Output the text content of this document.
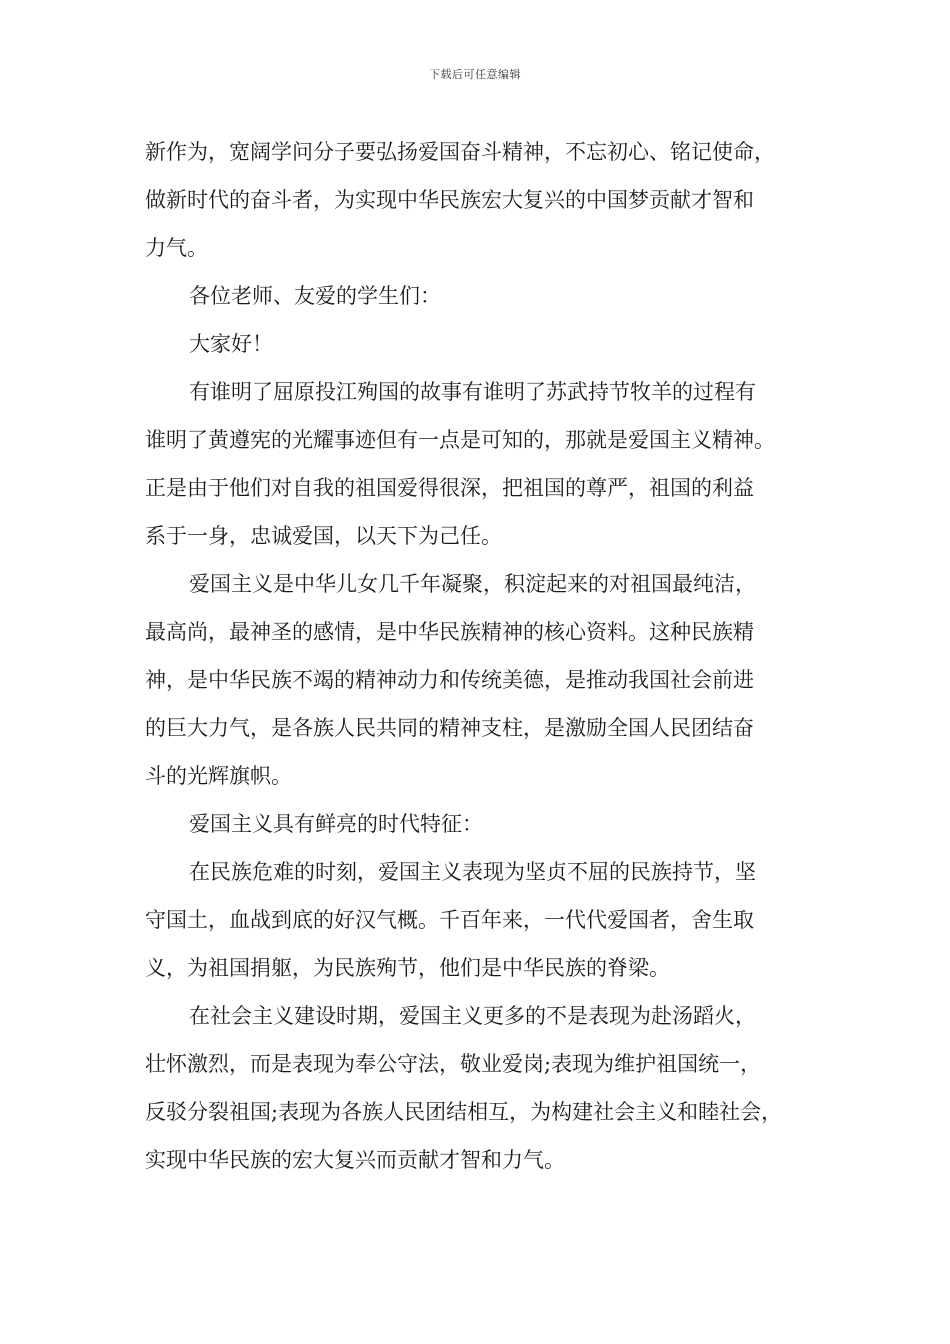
下载后可任意编辑
新作为，宽阔学问分子要弘扬爱国奋斗精神，不忘初心、铭记使命，
做新时代的奋斗者，为实现中华民族宏大复兴的中国梦贡献才智和
力气。
各位老师、友爱的学生们：
大家好！
有谁明了屈原投江殉国的故事有谁明了苏武持节牧羊的过程有
谁明了黄遵宪的光耀事迹但有一点是可知的，那就是爱国主义精神。
正是由于他们对自我的祖国爱得很深，把祖国的尊严，祖国的利益
系于一身，忠诚爱国，以天下为己任。
爱国主义是中华儿女几千年凝聚，积淀起来的对祖国最纯洁，
最高尚，最神圣的感情，是中华民族精神的核心资料。这种民族精
神，是中华民族不竭的精神动力和传统美德，是推动我国社会前进
的巨大力气，是各族人民共同的精神支柱，是激励全国人民团结奋
斗的光辉旗帜。
爱国主义具有鲜亮的时代特征：
在民族危难的时刻，爱国主义表现为坚贞不屈的民族持节，坚
守国土，血战到底的好汉气概。千百年来，一代代爱国者，舍生取
义，为祖国捐躯，为民族殉节，他们是中华民族的脊梁。
在社会主义建设时期，爱国主义更多的不是表现为赴汤蹈火，
壮怀激烈，而是表现为奉公守法，敬业爱岗;表现为维护祖国统一，
反驳分裂祖国;表现为各族人民团结相互，为构建社会主义和睦社会，
实现中华民族的宏大复兴而贡献才智和力气。
